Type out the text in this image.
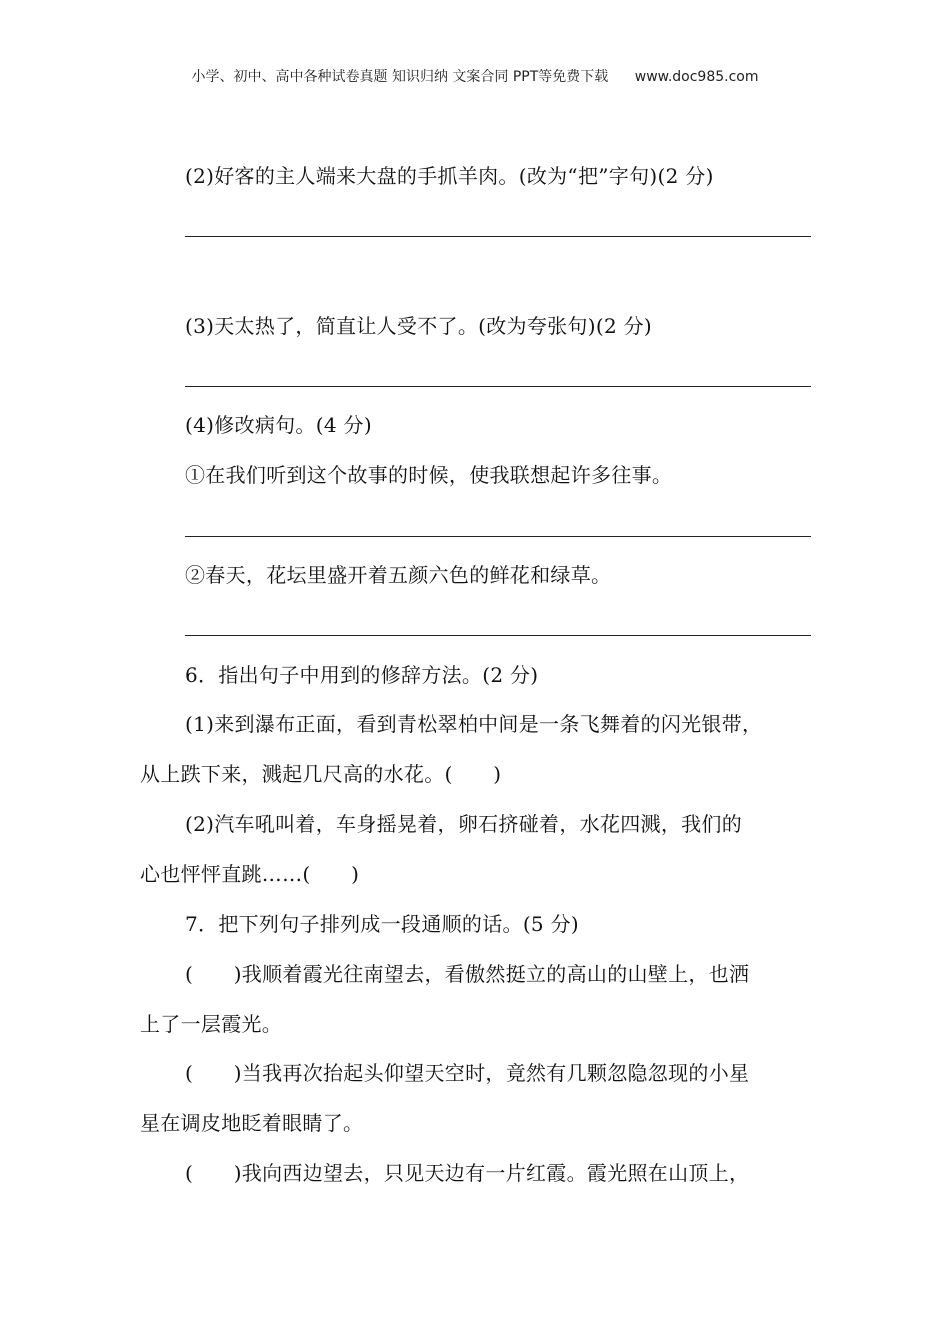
小学、初中、高中各种试卷真题 知识归纳 文案合同 PPT等免费下载 www.doc985.com
(2)好客的主人端来大盘的手抓羊肉。(改为“把”字句)(2 分)
(3)天太热了，简直让人受不了。(改为夸张句)(2 分)
(4)修改病句。(4 分)
①在我们听到这个故事的时候，使我联想起许多往事。
②春天，花坛里盛开着五颜六色的鲜花和绿草。
6．指出句子中用到的修辞方法。(2 分)
(1)来到瀑布正面，看到青松翠柏中间是一条飞舞着的闪光银带，
从上跌下来，溅起几尺高的水花。(　　)
(2)汽车吼叫着，车身摇晃着，卵石挤碰着，水花四溅，我们的
心也怦怦直跳……(　　)
7．把下列句子排列成一段通顺的话。(5 分)
(　　)我顺着霞光往南望去，看傲然挺立的高山的山壁上，也洒
上了一层霞光。
(　　)当我再次抬起头仰望天空时，竟然有几颗忽隐忽现的小星
星在调皮地眨着眼睛了。
(　　)我向西边望去，只见天边有一片红霞。霞光照在山顶上，
